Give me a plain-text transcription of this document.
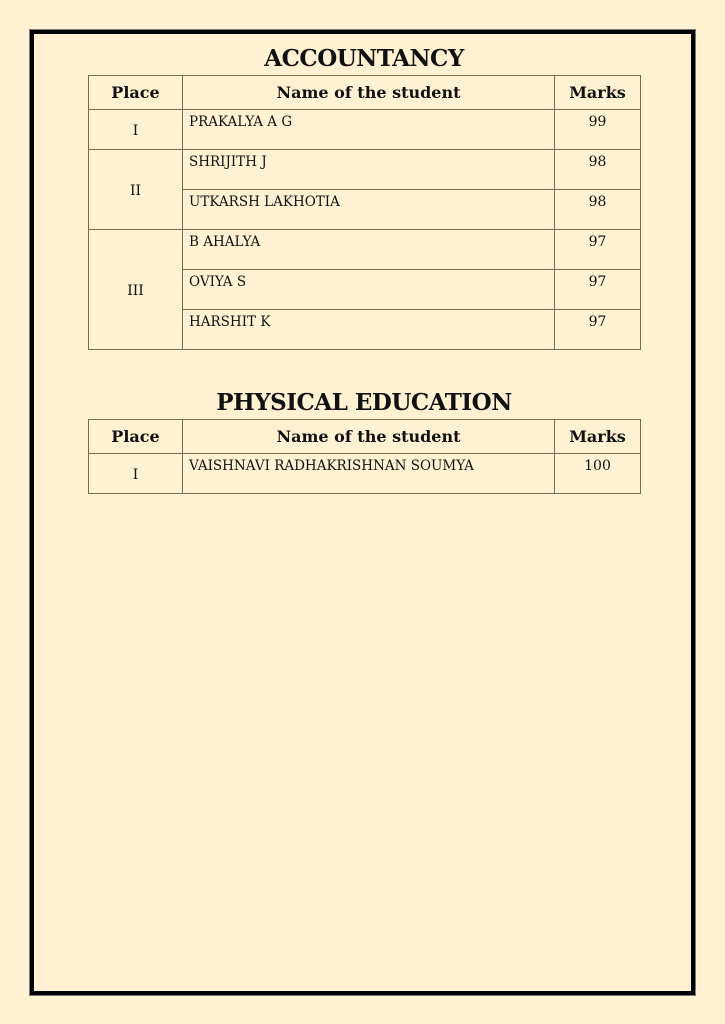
ACCOUNTANCY
Place	Name of the student	Marks
I	PRAKALYA A G	99
II	SHRIJITH J	98
	UTKARSH LAKHOTIA	98
III	B AHALYA	97
	OVIYA S	97
	HARSHIT K	97
PHYSICAL EDUCATION
Place	Name of the student	Marks
I	VAISHNAVI RADHAKRISHNAN SOUMYA	100
